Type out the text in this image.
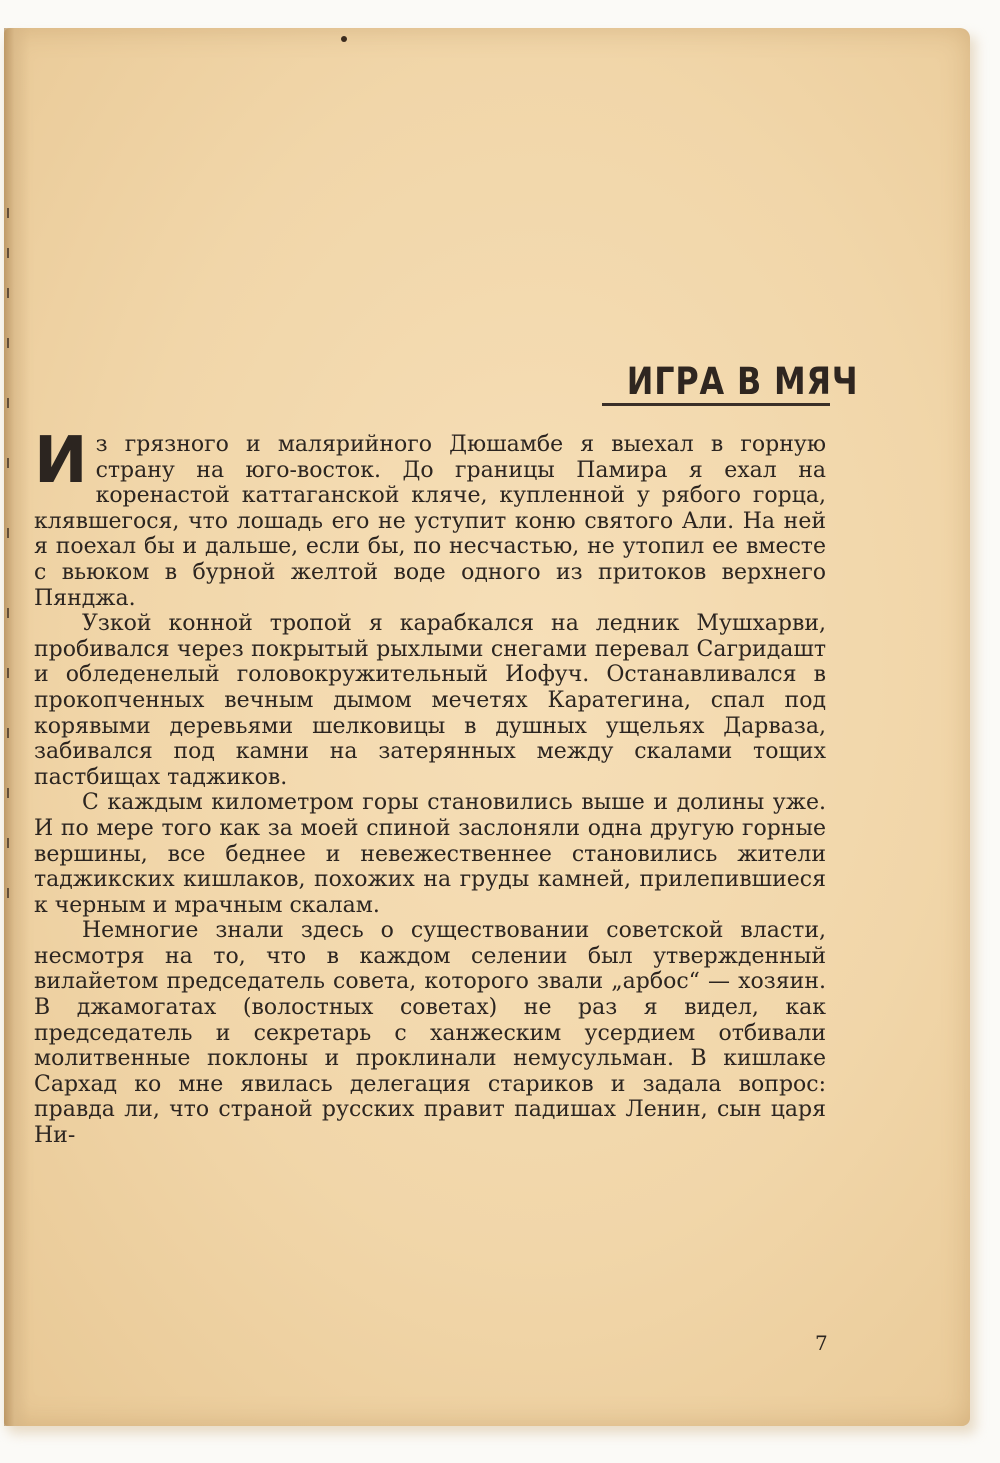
ИГРА В МЯЧ

Из грязного и малярийного Дюшамбе я выехал в горную страну на юго-восток. До границы Памира я ехал на коренастой каттаганской кляче, купленной у рябого горца, клявшегося, что лошадь его не уступит коню святого Али. На ней я поехал бы и дальше, если бы, по несчастью, не утопил ее вместе с вьюком в бурной желтой воде одного из притоков верхнего Пянджа.

Узкой конной тропой я карабкался на ледник Мушхарви, пробивался через покрытый рыхлыми снегами перевал Сагридашт и обледенелый головокружительный Иофуч. Останавливался в прокопченных вечным дымом мечетях Каратегина, спал под корявыми деревьями шелковицы в душных ущельях Дарваза, забивался под камни на затерянных между скалами тощих пастбищах таджиков.

С каждым километром горы становились выше и долины уже. И по мере того как за моей спиной заслоняли одна другую горные вершины, все беднее и невежественнее становились жители таджикских кишлаков, похожих на груды камней, прилепившиеся к черным и мрачным скалам.

Немногие знали здесь о существовании советской власти, несмотря на то, что в каждом селении был утвержденный вилайетом председатель совета, которого звали „арбос“ — хозяин. В джамогатах (волостных советах) не раз я видел, как председатель и секретарь с ханжеским усердием отбивали молитвенные поклоны и проклинали немусульман. В кишлаке Сархад ко мне явилась делегация стариков и задала вопрос: правда ли, что страной русских правит падишах Ленин, сын царя Ни-

7
